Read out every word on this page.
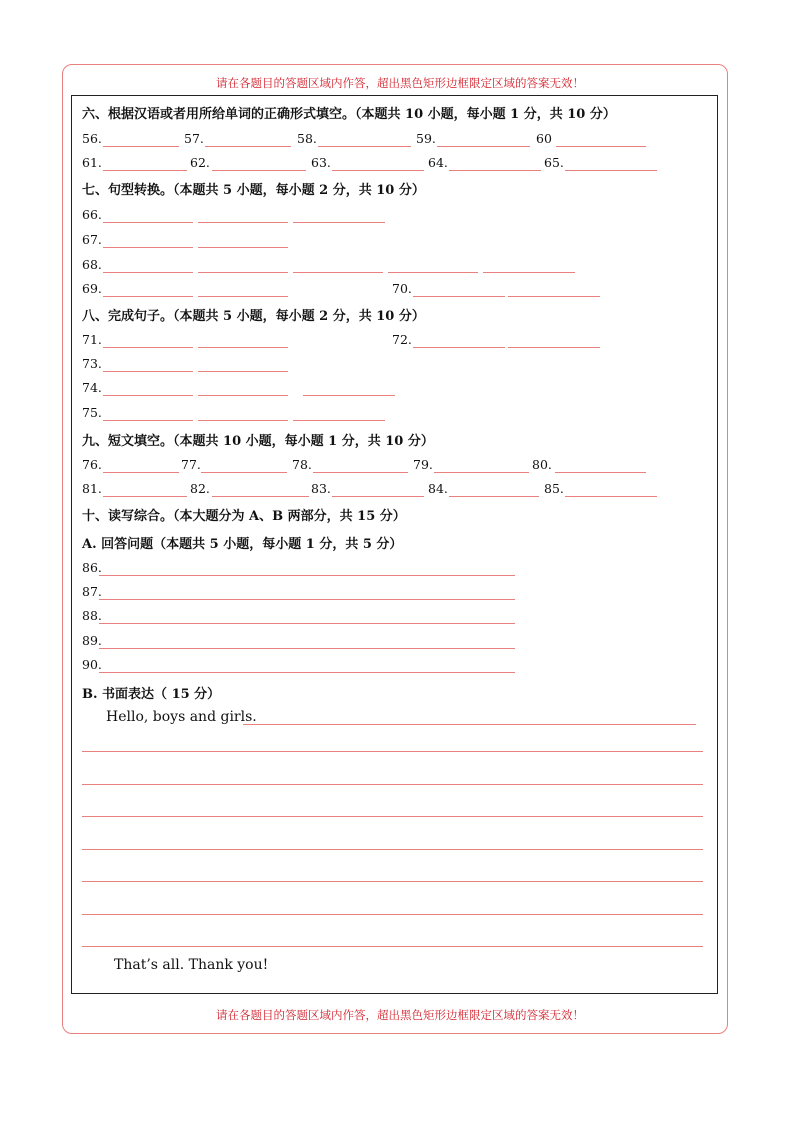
请在各题目的答题区域内作答，超出黑色矩形边框限定区域的答案无效！
请在各题目的答题区域内作答，超出黑色矩形边框限定区域的答案无效！
六、根据汉语或者用所给单词的正确形式填空。（本题共 10 小题，每小题 1 分，共 10 分）
56.	57.	58.	59.	60
61.	62.	63.	64.	65.
七、句型转换。（本题共 5 小题，每小题 2 分，共 10 分）
66.
67.
68.
69.	70.
八、完成句子。（本题共 5 小题，每小题 2 分，共 10 分）
71.	72.
73.
74.
75.
九、短文填空。（本题共 10 小题，每小题 1 分，共 10 分）
76.	77.	78.	79.	80.
81.	82.	83.	84.	85.
十、读写综合。（本大题分为 A、B 两部分，共 15 分）
A. 回答问题（本题共 5 小题，每小题 1 分，共 5 分）
86.
87.
88.
89.
90.
B. 书面表达（ 15 分）
Hello, boys and girls.
That’s all. Thank you!
